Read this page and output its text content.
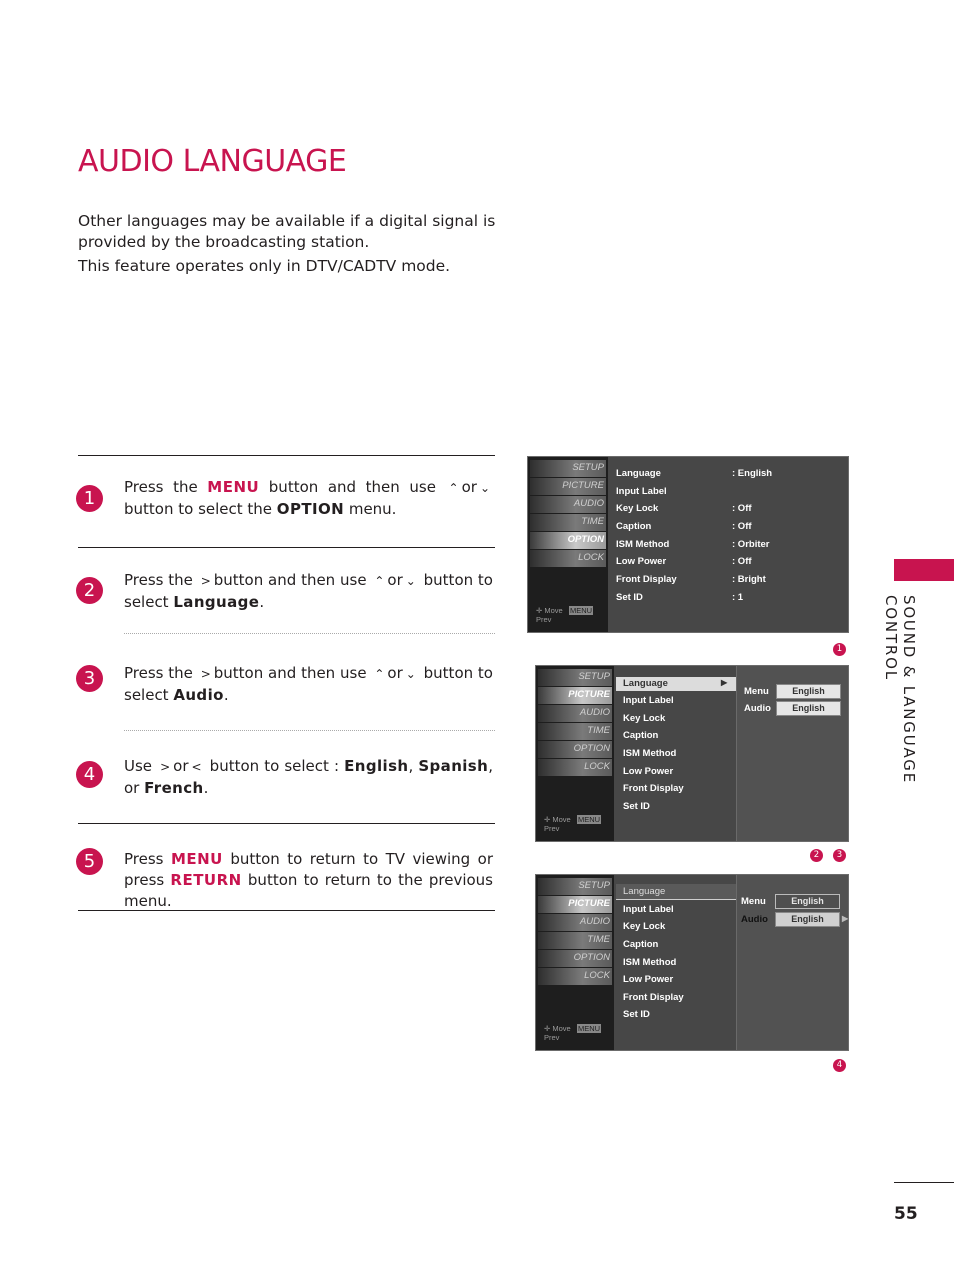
AUDIO LANGUAGE
Other languages may be available if a digital signal is provided by the broadcasting station.
This feature operates only in DTV/CADTV mode.
SOUND & LANGUAGE CONTROL
55
1
Press the MENU button and then use ⌃ or ⌄ button to select the OPTION menu.
2	Press the > button and then use ⌃ or ⌄ button to select Language.
3	Press the > button and then use ⌃ or ⌄ button to select Audio.
4	Use > or < button to select : English, Spanish, or French.
5	Press MENU button to return to TV viewing or press RETURN button to return to the previous menu.
SETUP
PICTURE
AUDIO
TIME
OPTION
LOCK
✛ Move MENU Prev
Language	: English
Input Label
Key Lock	: Off
Caption	: Off
ISM Method	: Orbiter
Low Power	: Off
Front Display	: Bright
Set ID	: 1
1
SETUP
PICTURE
AUDIO
TIME
OPTION
LOCK
✛ Move MENU Prev
Language	▶
Input Label
Key Lock
Caption
ISM Method
Low Power
Front Display
Set ID
Menu	English
Audio	English
2	3
SETUP
PICTURE
AUDIO
TIME
OPTION
LOCK
✛ Move MENU Prev
Language
Input Label
Key Lock
Caption
ISM Method
Low Power
Front Display
Set ID
Menu	English
Audio	English	▶
4
